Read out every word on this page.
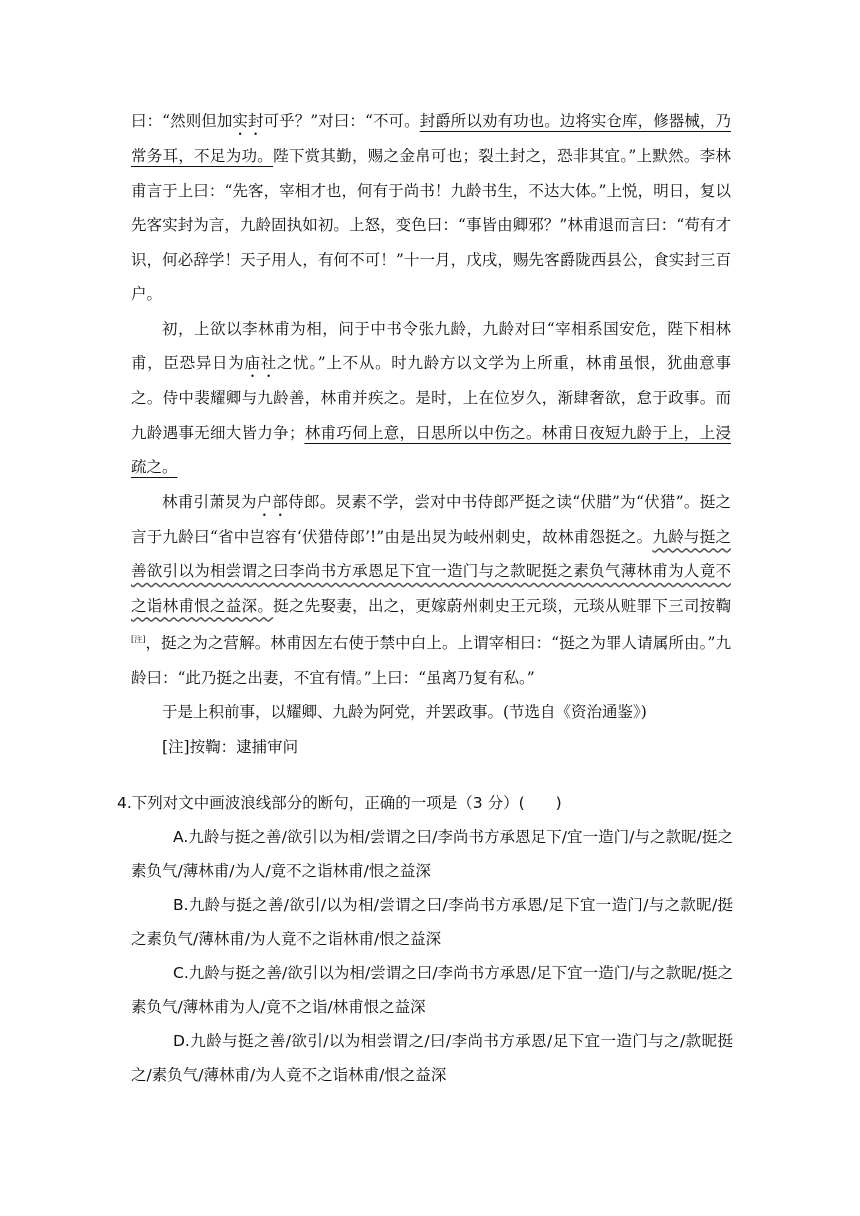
曰：“然则但加实封可乎？”对曰：“不可。封爵所以劝有功也。边将实仓库，修器械，乃常务耳，不足为功。陛下赏其勤，赐之金帛可也；裂土封之，恐非其宜。”上默然。李林甫言于上曰：“先客，宰相才也，何有于尚书！九龄书生，不达大体。”上悦，明日，复以先客实封为言，九龄固执如初。上怒，变色曰：“事皆由卿邪？”林甫退而言曰：“苟有才识，何必辞学！天子用人，有何不可！”十一月，戊戌，赐先客爵陇西县公，食实封三百户。

初，上欲以李林甫为相，问于中书令张九龄，九龄对曰“宰相系国安危，陛下相林甫，臣恐异日为庙社之忧。”上不从。时九龄方以文学为上所重，林甫虽恨，犹曲意事之。侍中裴耀卿与九龄善，林甫并疾之。是时，上在位岁久，渐肆奢欲，怠于政事。而九龄遇事无细大皆力争；林甫巧伺上意，日思所以中伤之。林甫日夜短九龄于上，上浸疏之。

林甫引萧炅为户部侍郎。炅素不学，尝对中书侍郎严挺之读“伏腊”为“伏猎”。挺之言于九龄曰“省中岂容有‘伏猎侍郎’!”由是出炅为岐州刺史，故林甫怨挺之。九龄与挺之善欲引以为相尝谓之曰李尚书方承恩足下宜一造门与之款昵挺之素负气薄林甫为人竟不之诣林甫恨之益深。挺之先娶妻，出之，更嫁蔚州刺史王元琰，元琰从赃罪下三司按鞫[注]，挺之为之营解。林甫因左右使于禁中白上。上谓宰相曰：“挺之为罪人请属所由。”九龄曰：“此乃挺之出妻，不宜有情。”上曰：“虽离乃复有私。”

于是上积前事，以耀卿、九龄为阿党，并罢政事。(节选自《资治通鉴》)

[注]按鞫：逮捕审问

4.下列对文中画波浪线部分的断句，正确的一项是（3 分）(　　)

A.九龄与挺之善/欲引以为相/尝谓之曰/李尚书方承恩足下/宜一造门/与之款昵/挺之素负气/薄林甫/为人/竟不之诣林甫/恨之益深

B.九龄与挺之善/欲引/以为相/尝谓之曰/李尚书方承恩/足下宜一造门/与之款昵/挺之素负气/薄林甫/为人竟不之诣林甫/恨之益深

C.九龄与挺之善/欲引以为相/尝谓之曰/李尚书方承恩/足下宜一造门/与之款昵/挺之素负气/薄林甫为人/竟不之诣/林甫恨之益深

D.九龄与挺之善/欲引/以为相尝谓之/曰/李尚书方承恩/足下宜一造门与之/款昵挺之/素负气/薄林甫/为人竟不之诣林甫/恨之益深
